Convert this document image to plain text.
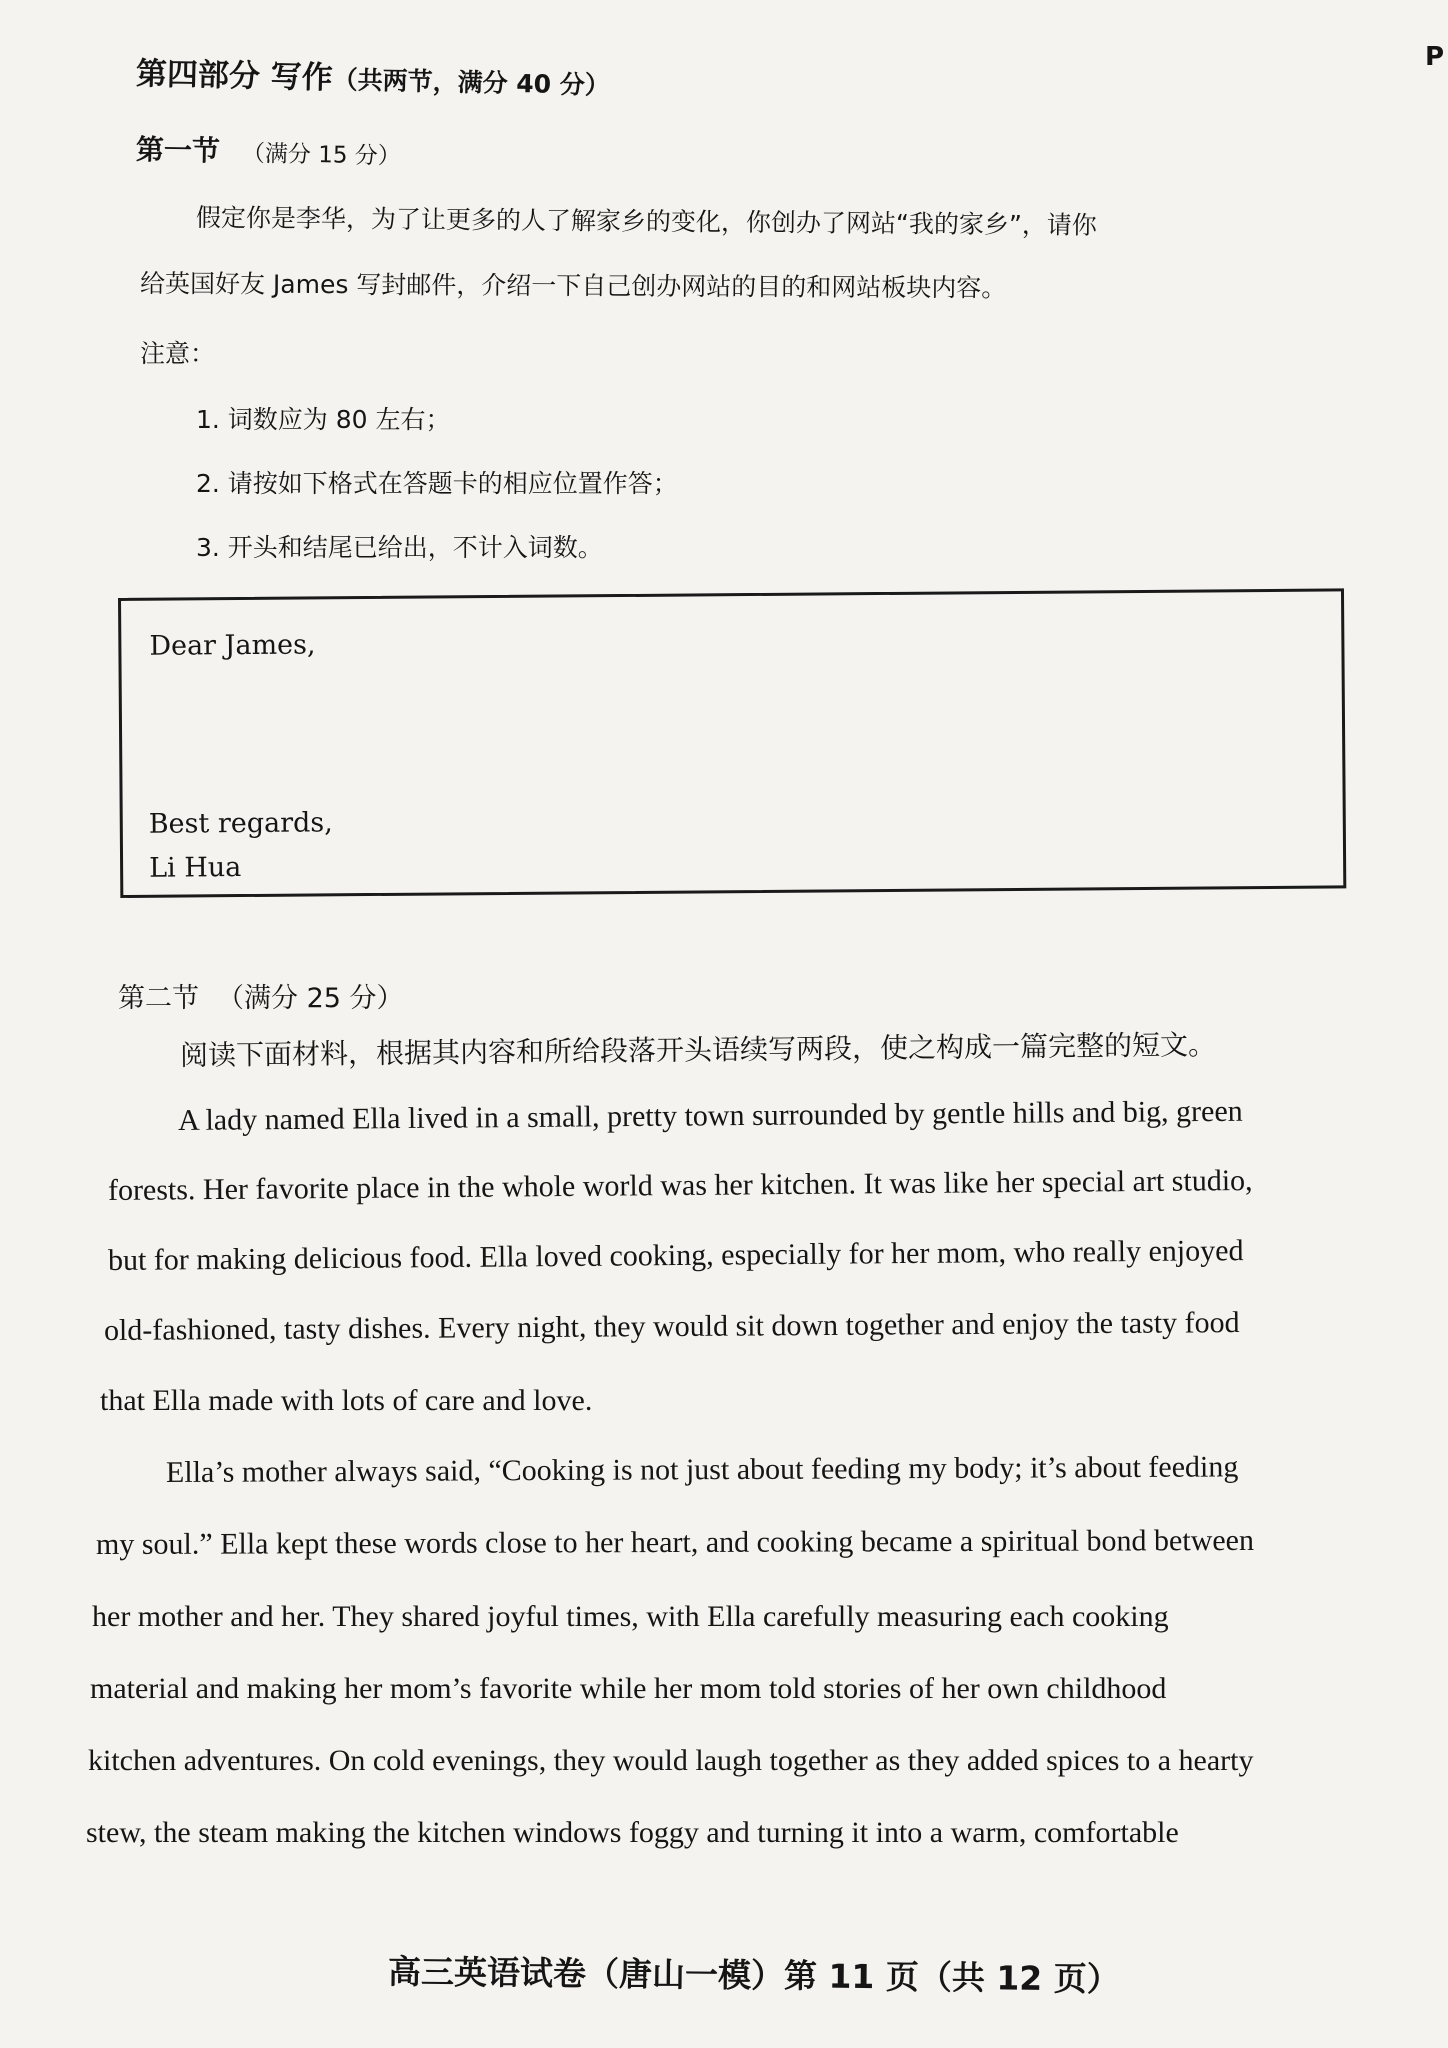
P
第四部分 写作（共两节，满分 40 分）
第一节 （满分 15 分）
假定你是李华，为了让更多的人了解家乡的变化，你创办了网站“我的家乡”，请你
给英国好友 James 写封邮件，介绍一下自己创办网站的目的和网站板块内容。
注意：
1. 词数应为 80 左右；
2. 请按如下格式在答题卡的相应位置作答；
3. 开头和结尾已给出，不计入词数。
Dear James,
Best regards,
Li Hua
第二节 （满分 25 分）
阅读下面材料，根据其内容和所给段落开头语续写两段，使之构成一篇完整的短文。
A lady named Ella lived in a small, pretty town surrounded by gentle hills and big, green
forests. Her favorite place in the whole world was her kitchen. It was like her special art studio,
but for making delicious food. Ella loved cooking, especially for her mom, who really enjoyed
old-fashioned, tasty dishes. Every night, they would sit down together and enjoy the tasty food
that Ella made with lots of care and love.
Ella’s mother always said, “Cooking is not just about feeding my body; it’s about feeding
my soul.” Ella kept these words close to her heart, and cooking became a spiritual bond between
her mother and her. They shared joyful times, with Ella carefully measuring each cooking
material and making her mom’s favorite while her mom told stories of her own childhood
kitchen adventures. On cold evenings, they would laugh together as they added spices to a hearty
stew, the steam making the kitchen windows foggy and turning it into a warm, comfortable
高三英语试卷（唐山一模）第 11 页（共 12 页）
